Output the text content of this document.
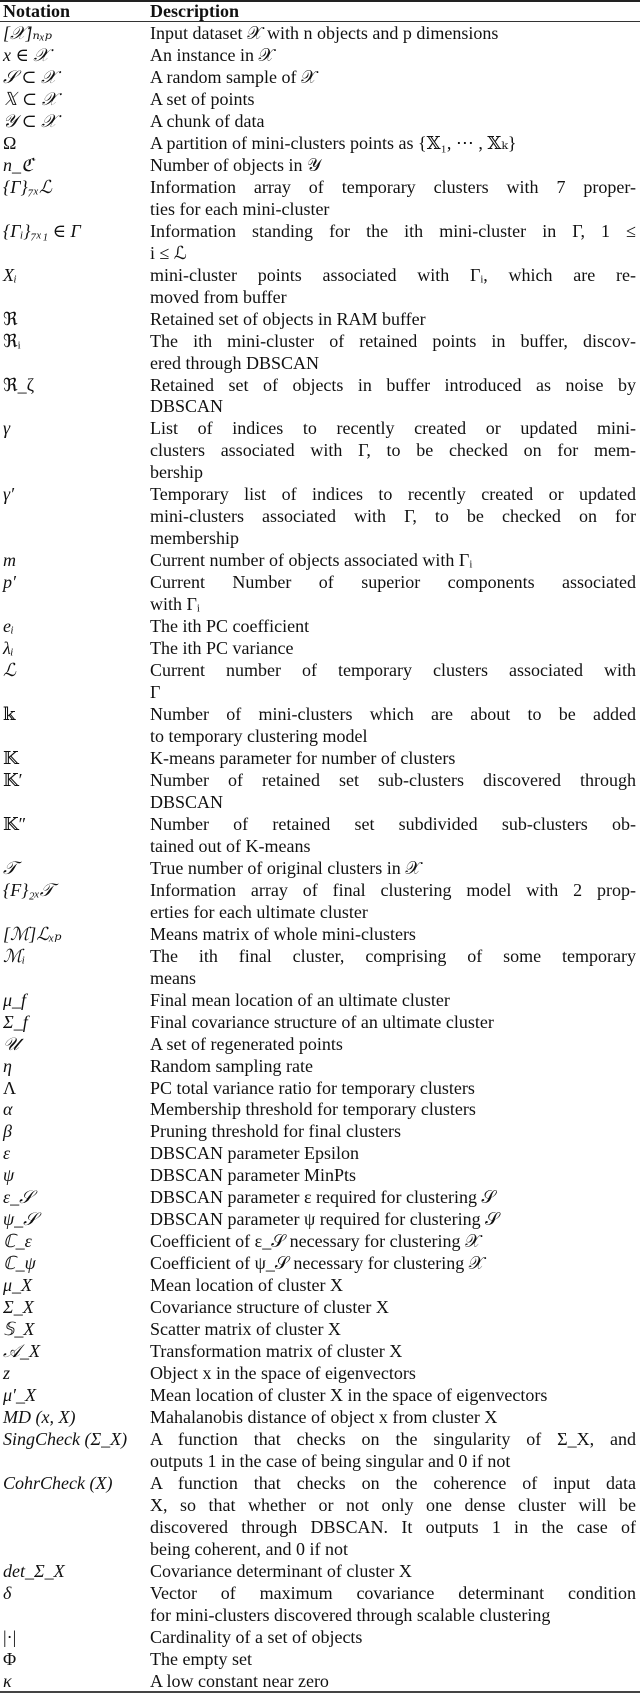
Notation	Description
[𝒳]ₙₓₚ	Input dataset 𝒳 with n objects and p dimensions
x ∈ 𝒳	An instance in 𝒳
𝒮 ⊂ 𝒳	A random sample of 𝒳
𝕏 ⊂ 𝒳	A set of points
𝒴 ⊂ 𝒳	A chunk of data
Ω	A partition of mini-clusters points as {𝕏₁, ⋯ , 𝕏ₖ}
n_ℭ	Number of objects in 𝒴
{Γ}₇ₓℒ	Information array of temporary clusters with 7 proper-
ties for each mini-cluster
{Γᵢ}₇ₓ₁ ∈ Γ	Information standing for the ith mini-cluster in Γ, 1 ≤
i ≤ ℒ
Xᵢ	mini-cluster points associated with Γᵢ, which are re-
moved from buffer
ℜ	Retained set of objects in RAM buffer
ℜᵢ	The ith mini-cluster of retained points in buffer, discov-
ered through DBSCAN
ℜ_ζ	Retained set of objects in buffer introduced as noise by
DBSCAN
γ	List of indices to recently created or updated mini-
clusters associated with Γ, to be checked on for mem-
bership
γ′	Temporary list of indices to recently created or updated
mini-clusters associated with Γ, to be checked on for
membership
m	Current number of objects associated with Γᵢ
p′	Current Number of superior components associated
with Γᵢ
eᵢ	The ith PC coefficient
λᵢ	The ith PC variance
ℒ	Current number of temporary clusters associated with
Γ
𝕜	Number of mini-clusters which are about to be added
to temporary clustering model
𝕂	K-means parameter for number of clusters
𝕂′	Number of retained set sub-clusters discovered through
DBSCAN
𝕂″	Number of retained set subdivided sub-clusters ob-
tained out of K-means
𝒯	True number of original clusters in 𝒳
{F}₂ₓ𝒯	Information array of final clustering model with 2 prop-
erties for each ultimate cluster
[ℳ]ℒₓₚ	Means matrix of whole mini-clusters
ℳᵢ	The ith final cluster, comprising of some temporary
means
μ_f	Final mean location of an ultimate cluster
Σ_f	Final covariance structure of an ultimate cluster
𝒰	A set of regenerated points
η	Random sampling rate
Λ	PC total variance ratio for temporary clusters
α	Membership threshold for temporary clusters
β	Pruning threshold for final clusters
ε	DBSCAN parameter Epsilon
ψ	DBSCAN parameter MinPts
ε_𝒮	DBSCAN parameter ε required for clustering 𝒮
ψ_𝒮	DBSCAN parameter ψ required for clustering 𝒮
ℂ_ε	Coefficient of ε_𝒮 necessary for clustering 𝒳
ℂ_ψ	Coefficient of ψ_𝒮 necessary for clustering 𝒳
μ_X	Mean location of cluster X
Σ_X	Covariance structure of cluster X
𝕊_X	Scatter matrix of cluster X
𝒜_X	Transformation matrix of cluster X
z	Object x in the space of eigenvectors
μ′_X	Mean location of cluster X in the space of eigenvectors
MD (x, X)	Mahalanobis distance of object x from cluster X
SingCheck (Σ_X)	A function that checks on the singularity of Σ_X, and
outputs 1 in the case of being singular and 0 if not
CohrCheck (X)	A function that checks on the coherence of input data
X, so that whether or not only one dense cluster will be
discovered through DBSCAN. It outputs 1 in the case of
being coherent, and 0 if not
det_Σ_X	Covariance determinant of cluster X
δ⃗	Vector of maximum covariance determinant condition
for mini-clusters discovered through scalable clustering
|·|	Cardinality of a set of objects
Φ	The empty set
κ	A low constant near zero
